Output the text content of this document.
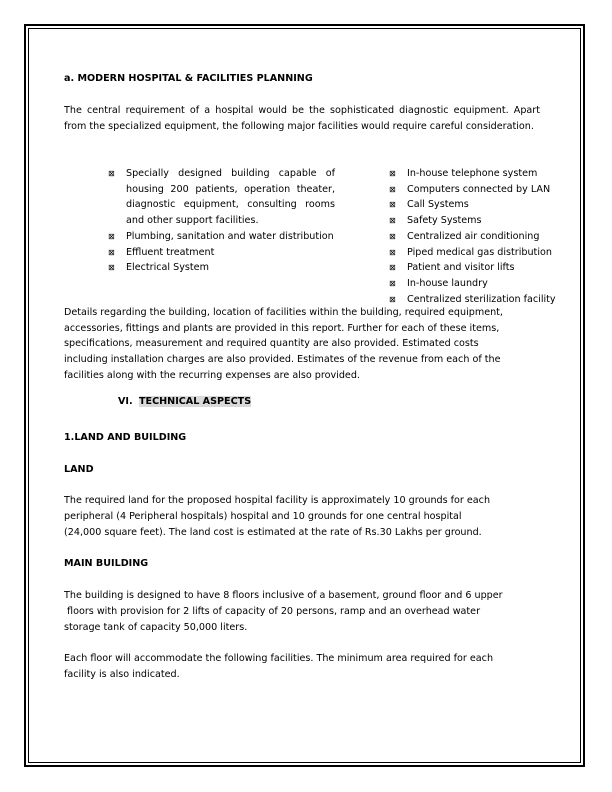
a. MODERN HOSPITAL & FACILITIES PLANNING
The central requirement of a hospital would be the sophisticated diagnostic equipment. Apart from the specialized equipment, the following major facilities would require careful consideration.
⊠ Specially designed building capable of housing 200 patients, operation theater, diagnostic equipment, consulting rooms and other support facilities.
⊠ Plumbing, sanitation and water distribution
⊠ Effluent treatment
⊠ Electrical System
⊠ In-house telephone system
⊠ Computers connected by LAN
⊠ Call Systems
⊠ Safety Systems
⊠ Centralized air conditioning
⊠ Piped medical gas distribution
⊠ Patient and visitor lifts
⊠ In-house laundry
⊠ Centralized sterilization facility
Details regarding the building, location of facilities within the building, required equipment,
accessories, fittings and plants are provided in this report. Further for each of these items,
specifications, measurement and required quantity are also provided. Estimated costs
including installation charges are also provided. Estimates of the revenue from each of the
facilities along with the recurring expenses are also provided.
VI. TECHNICAL ASPECTS
1.LAND AND BUILDING
LAND
The required land for the proposed hospital facility is approximately 10 grounds for each
peripheral (4 Peripheral hospitals) hospital and 10 grounds for one central hospital
(24,000 square feet). The land cost is estimated at the rate of Rs.30 Lakhs per ground.
MAIN BUILDING
The building is designed to have 8 floors inclusive of a basement, ground floor and 6 upper
floors with provision for 2 lifts of capacity of 20 persons, ramp and an overhead water
storage tank of capacity 50,000 liters.
Each floor will accommodate the following facilities. The minimum area required for each
facility is also indicated.
